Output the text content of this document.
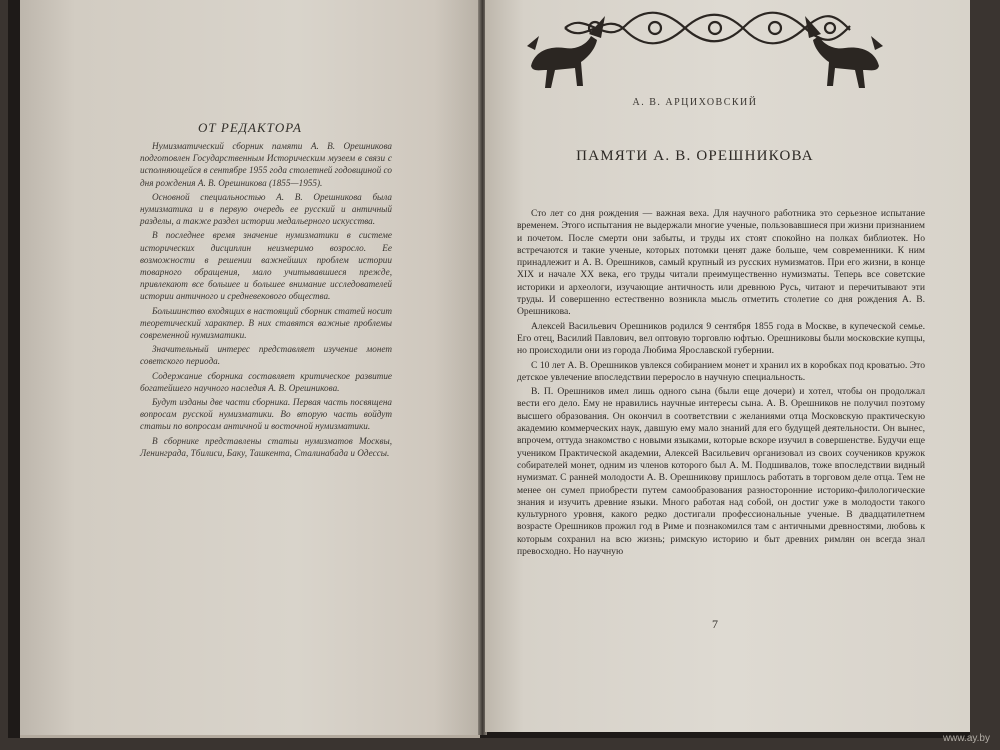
ОТ РЕДАКТОРА

Нумизматический сборник памяти А. В. Орешникова подготовлен Государственным Историческим музеем в связи с исполняющейся в сентябре 1955 года столетней годовщиной со дня рождения А. В. Орешникова (1855—1955).

Основной специальностью А. В. Орешникова была нумизматика и в первую очередь ее русский и античный разделы, а также раздел истории медальерного искусства.

В последнее время значение нумизматики в системе исторических дисциплин неизмеримо возросло. Ее возможности в решении важнейших проблем истории товарного обращения, мало учитывавшиеся прежде, привлекают все большее и большее внимание исследователей истории античного и средневекового общества.

Большинство входящих в настоящий сборник статей носит теоретический характер. В них ставятся важные проблемы современной нумизматики.

Значительный интерес представляет изучение монет советского периода.

Содержание сборника составляет критическое развитие богатейшего научного наследия А. В. Орешникова.

Будут изданы две части сборника. Первая часть посвящена вопросам русской нумизматики. Во вторую часть войдут статьи по вопросам античной и восточной нумизматики.

В сборнике представлены статьи нумизматов Москвы, Ленинграда, Тбилиси, Баку, Ташкента, Сталинабада и Одессы.

А. В. АРЦИХОВСКИЙ
ПАМЯТИ А. В. ОРЕШНИКОВА

Сто лет со дня рождения — важная веха. Для научного работника это серьезное испытание временем. Этого испытания не выдержали многие ученые, пользовавшиеся при жизни признанием и почетом. После смерти они забыты, и труды их стоят спокойно на полках библиотек. Но встречаются и такие ученые, которых потомки ценят даже больше, чем современники. К ним принадлежит и А. В. Орешников, самый крупный из русских нумизматов. При его жизни, в конце XIX и начале XX века, его труды читали преимущественно нумизматы. Теперь все советские историки и археологи, изучающие античность или древнюю Русь, читают и перечитывают эти труды. И совершенно естественно возникла мысль отметить столетие со дня рождения А. В. Орешникова.

Алексей Васильевич Орешников родился 9 сентября 1855 года в Москве, в купеческой семье. Его отец, Василий Павлович, вел оптовую торговлю юфтью. Орешниковы были московские купцы, но происходили они из города Любима Ярославской губернии.

С 10 лет А. В. Орешников увлекся собиранием монет и хранил их в коробках под кроватью. Это детское увлечение впоследствии переросло в научную специальность.

В. П. Орешников имел лишь одного сына (были еще дочери) и хотел, чтобы он продолжал вести его дело. Ему не нравились научные интересы сына. А. В. Орешников не получил поэтому высшего образования. Он окончил в соответствии с желаниями отца Московскую практическую академию коммерческих наук, давшую ему мало знаний для его будущей деятельности. Он вынес, впрочем, оттуда знакомство с новыми языками, которые вскоре изучил в совершенстве. Будучи еще учеником Практической академии, Алексей Васильевич организовал из своих соучеников кружок собирателей монет, одним из членов которого был А. М. Подшивалов, тоже впоследствии видный нумизмат. С ранней молодости А. В. Орешникову пришлось работать в торговом деле отца. Тем не менее он сумел приобрести путем самообразования разносторонние историко-филологические знания и изучить древние языки. Много работая над собой, он достиг уже в молодости такого культурного уровня, какого редко достигали профессиональные ученые. В двадцатилетнем возрасте Орешников прожил год в Риме и познакомился там с античными древностями, любовь к которым сохранил на всю жизнь; римскую историю и быт древних римлян он всегда знал превосходно. Но научную

7
www.ay.by
